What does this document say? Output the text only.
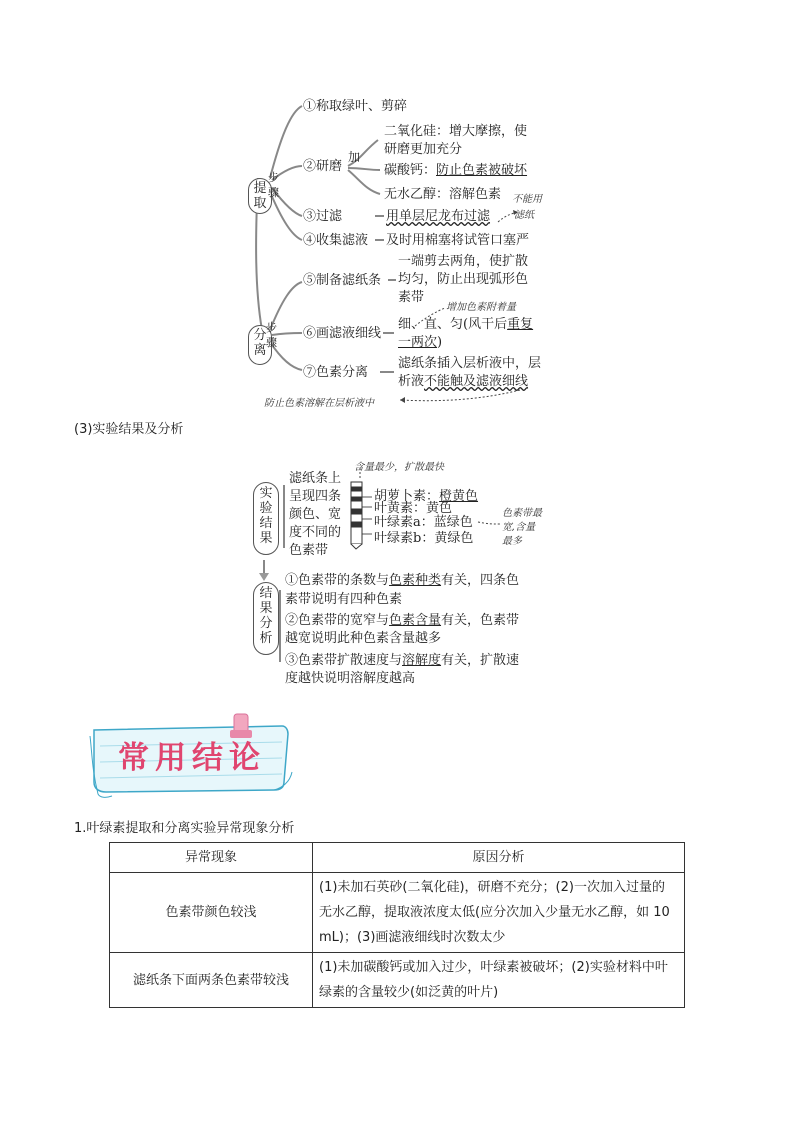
提取
步骤
分离
步骤
①称取绿叶、剪碎
②研磨
加
二氧化硅：增大摩擦，使
研磨更加充分
碳酸钙：防止色素被破坏
无水乙醇：溶解色素 不能用
滤纸
③过滤	用单层尼龙布过滤
④收集滤液 及时用棉塞将试管口塞严
⑤制备滤纸条
一端剪去两角，使扩散
均匀，防止出现弧形色
素带
增加色素附着量
⑥画滤液细线
细、直、匀(风干后重复
一两次)
⑦色素分离
滤纸条插入层析液中，层
析液不能触及滤液细线
防止色素溶解在层析液中
(3)实验结果及分析
实验结果
结果分析
滤纸条上
呈现四条
颜色、宽
度不同的
色素带
含量最少，扩散最快
胡萝卜素：橙黄色
叶黄素：黄色
叶绿素a：蓝绿色
叶绿素b：黄绿色
色素带最
宽,含量
最多
①色素带的条数与色素种类有关，四条色
素带说明有四种色素
②色素带的宽窄与色素含量有关，色素带
越宽说明此种色素含量越多
③色素带扩散速度与溶解度有关，扩散速
度越快说明溶解度越高
常用结论
1.叶绿素提取和分离实验异常现象分析
异常现象	原因分析
色素带颜色较浅	(1)未加石英砂(二氧化硅)，研磨不充分；(2)一次加入过量的
无水乙醇，提取液浓度太低(应分次加入少量无水乙醇，如 10
mL)；(3)画滤液细线时次数太少

滤纸条下面两条色素带较浅	(1)未加碳酸钙或加入过少，叶绿素被破坏；(2)实验材料中叶
绿素的含量较少(如泛黄的叶片)
